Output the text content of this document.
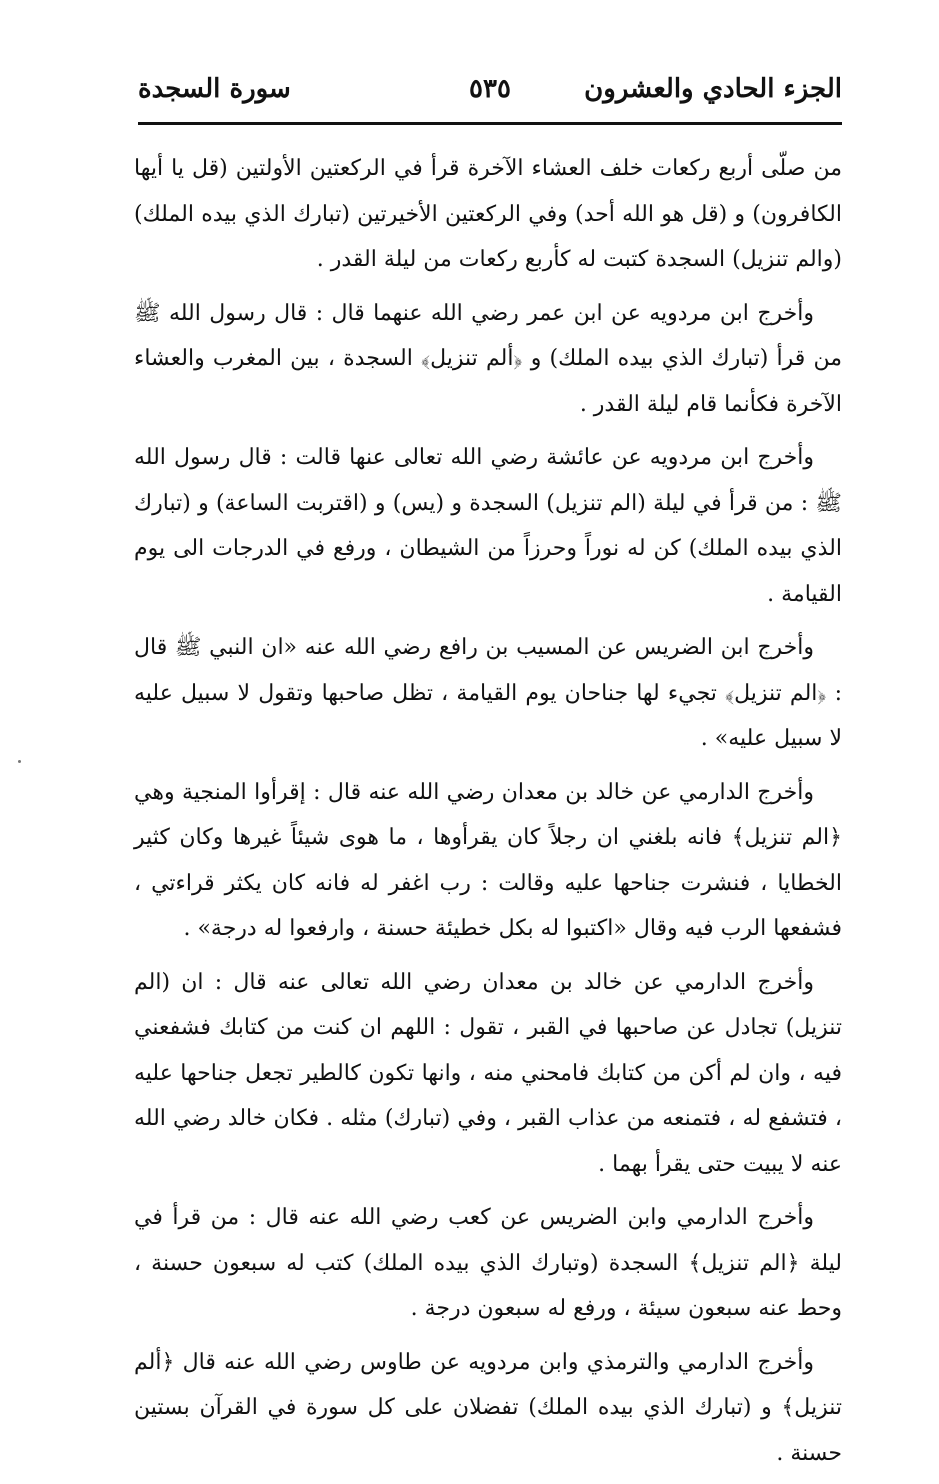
الجزء الحادي والعشرون
٥٣٥
سورة السجدة

من صلّى أربع ركعات خلف العشاء الآخرة قرأ في الركعتين الأولتين (قل يا أيها الكافرون) و (قل هو الله أحد) وفي الركعتين الأخيرتين (تبارك الذي بيده الملك) (والم تنزيل) السجدة كتبت له كأربع ركعات من ليلة القدر .

وأخرج ابن مردويه عن ابن عمر رضي الله عنهما قال : قال رسول الله ﷺ من قرأ (تبارك الذي بيده الملك) و ﴿ألم تنزيل﴾ السجدة ، بين المغرب والعشاء الآخرة فكأنما قام ليلة القدر .

وأخرج ابن مردويه عن عائشة رضي الله تعالى عنها قالت : قال رسول الله ﷺ : من قرأ في ليلة (الم تنزيل) السجدة و (يس) و (اقتربت الساعة) و (تبارك الذي بيده الملك) كن له نوراً وحرزاً من الشيطان ، ورفع في الدرجات الى يوم القيامة .

وأخرج ابن الضريس عن المسيب بن رافع رضي الله عنه «ان النبي ﷺ قال : ﴿الم تنزيل﴾ تجيء لها جناحان يوم القيامة ، تظل صاحبها وتقول لا سبيل عليه لا سبيل عليه» .

وأخرج الدارمي عن خالد بن معدان رضي الله عنه قال : إقرأوا المنجية وهي ﴿الم تنزيل﴾ فانه بلغني ان رجلاً كان يقرأوها ، ما هوى شيئاً غيرها وكان كثير الخطايا ، فنشرت جناحها عليه وقالت : رب اغفر له فانه كان يكثر قراءتي ، فشفعها الرب فيه وقال «اكتبوا له بكل خطيئة حسنة ، وارفعوا له درجة» .

وأخرج الدارمي عن خالد بن معدان رضي الله تعالى عنه قال : ان (الم تنزيل) تجادل عن صاحبها في القبر ، تقول : اللهم ان كنت من كتابك فشفعني فيه ، وان لم أكن من كتابك فامحني منه ، وانها تكون كالطير تجعل جناحها عليه ، فتشفع له ، فتمنعه من عذاب القبر ، وفي (تبارك) مثله . فكان خالد رضي الله عنه لا يبيت حتى يقرأ بهما .

وأخرج الدارمي وابن الضريس عن كعب رضي الله عنه قال : من قرأ في ليلة ﴿الم تنزيل﴾ السجدة (وتبارك الذي بيده الملك) كتب له سبعون حسنة ، وحط عنه سبعون سيئة ، ورفع له سبعون درجة .

وأخرج الدارمي والترمذي وابن مردويه عن طاوس رضي الله عنه قال ﴿ألم تنزيل﴾ و (تبارك الذي بيده الملك) تفضلان على كل سورة في القرآن بستين حسنة .
